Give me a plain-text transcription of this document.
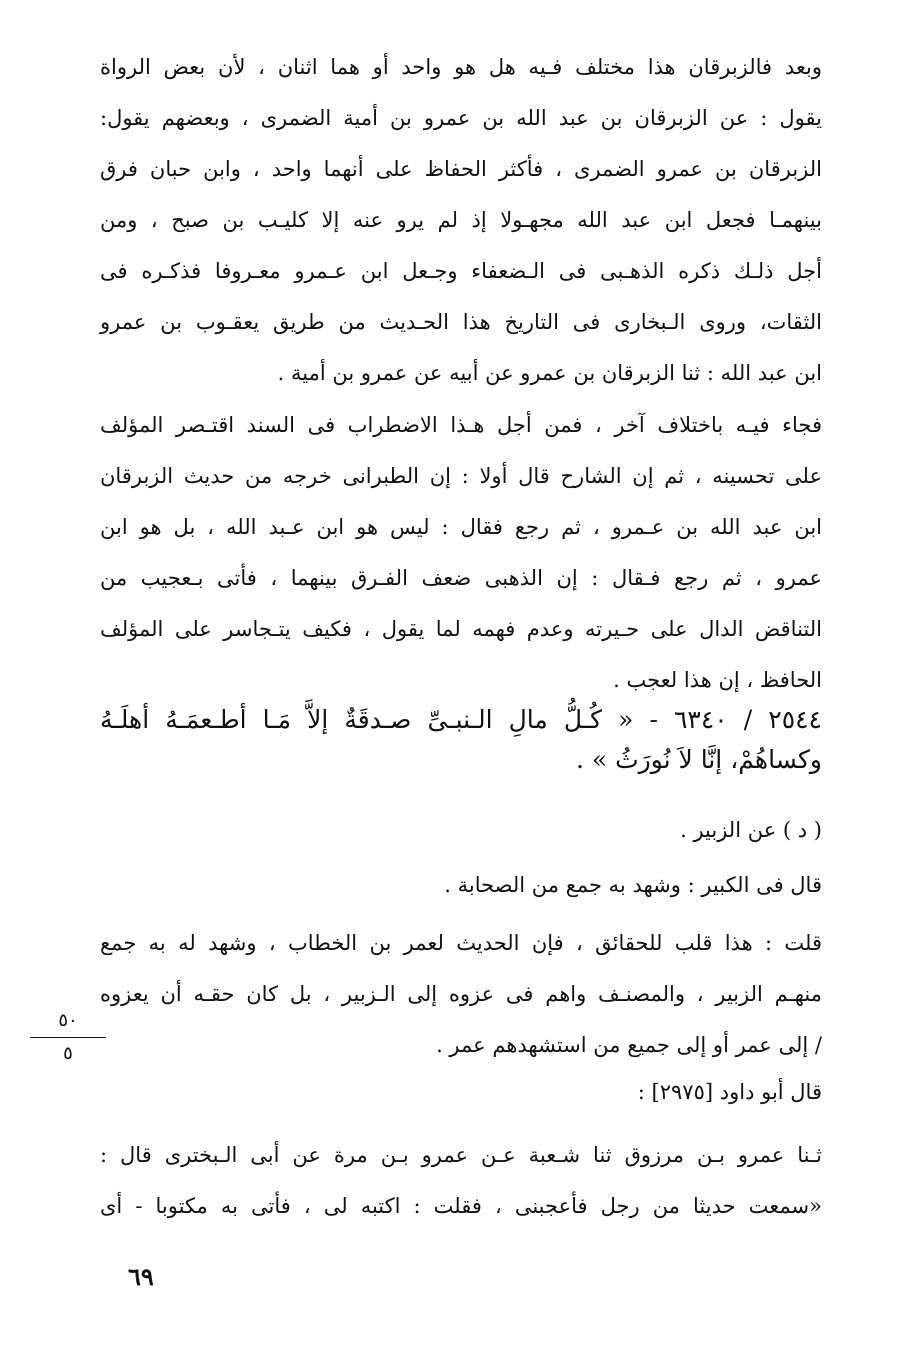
وبعد فالزبرقان هذا مختلف فـيه هل هو واحد أو هما اثنان ، لأن بعض الرواة
يقول : عن الزبرقان بن عبد الله بن عمرو بن أمية الضمرى ، وبعضهم يقول:
الزبرقان بن عمرو الضمرى ، فأكثر الحفاظ على أنهما واحد ، وابن حبان فرق
بينهمـا فجعل ابن عبد الله مجهـولا إذ لم يرو عنه إلا كليـب بن صبح ، ومن
أجل ذلـك ذكره الذهـبى فى الـضعفاء وجـعل ابن عـمرو معـروفا فذكـره فى
الثقات، وروى الـبخارى فى التاريخ هذا الحـديث من طريق يعقـوب بن عمرو
ابن عبد الله : ثنا الزبرقان بن عمرو عن أبيه عن عمرو بن أمية .
فجاء فيـه باختلاف آخر ، فمن أجل هـذا الاضطراب فى السند اقتـصر المؤلف
على تحسينه ، ثم إن الشارح قال أولا : إن الطبرانى خرجه من حديث الزبرقان
ابن عبد الله بن عـمرو ، ثم رجع فقال : ليس هو ابن عـبد الله ، بل هو ابن
عمرو ، ثم رجع فـقال : إن الذهبى ضعف الفـرق بينهما ، فأتى بـعجيب من
التناقض الدال على حـيرته وعدم فهمه لما يقول ، فكيف يتـجاسر على المؤلف
الحافظ ، إن هذا لعجب .
٢٥٤٤ / ٦٣٤٠ - « كُـلُّ مالِ الـنبـىِّ صـدقَةٌ إلاَّ مَـا أطـعمَـهُ أهلَـهُ
وكساهُمْ، إنَّا لاَ نُورَثُ » .
( د ) عن الزبير .
قال فى الكبير : وشهد به جمع من الصحابة .
قلت : هذا قلب للحقائق ، فإن الحديث لعمر بن الخطاب ، وشهد له به جمع
منهـم الزبير ، والمصنـف واهم فى عزوه إلى الـزبير ، بل كان حقـه أن يعزوه
/ إلى عمر أو إلى جميع من استشهدهم عمر .
٥٠
٥
قال أبو داود [٢٩٧٥] :
ثـنا عمرو بـن مرزوق ثنا شـعبة عـن عمرو بـن مرة عن أبى الـبخترى قال :
«سمعت حديثا من رجل فأعجبنى ، فقلت : اكتبه لى ، فأتى به مكتوبا - أى
٦٩
